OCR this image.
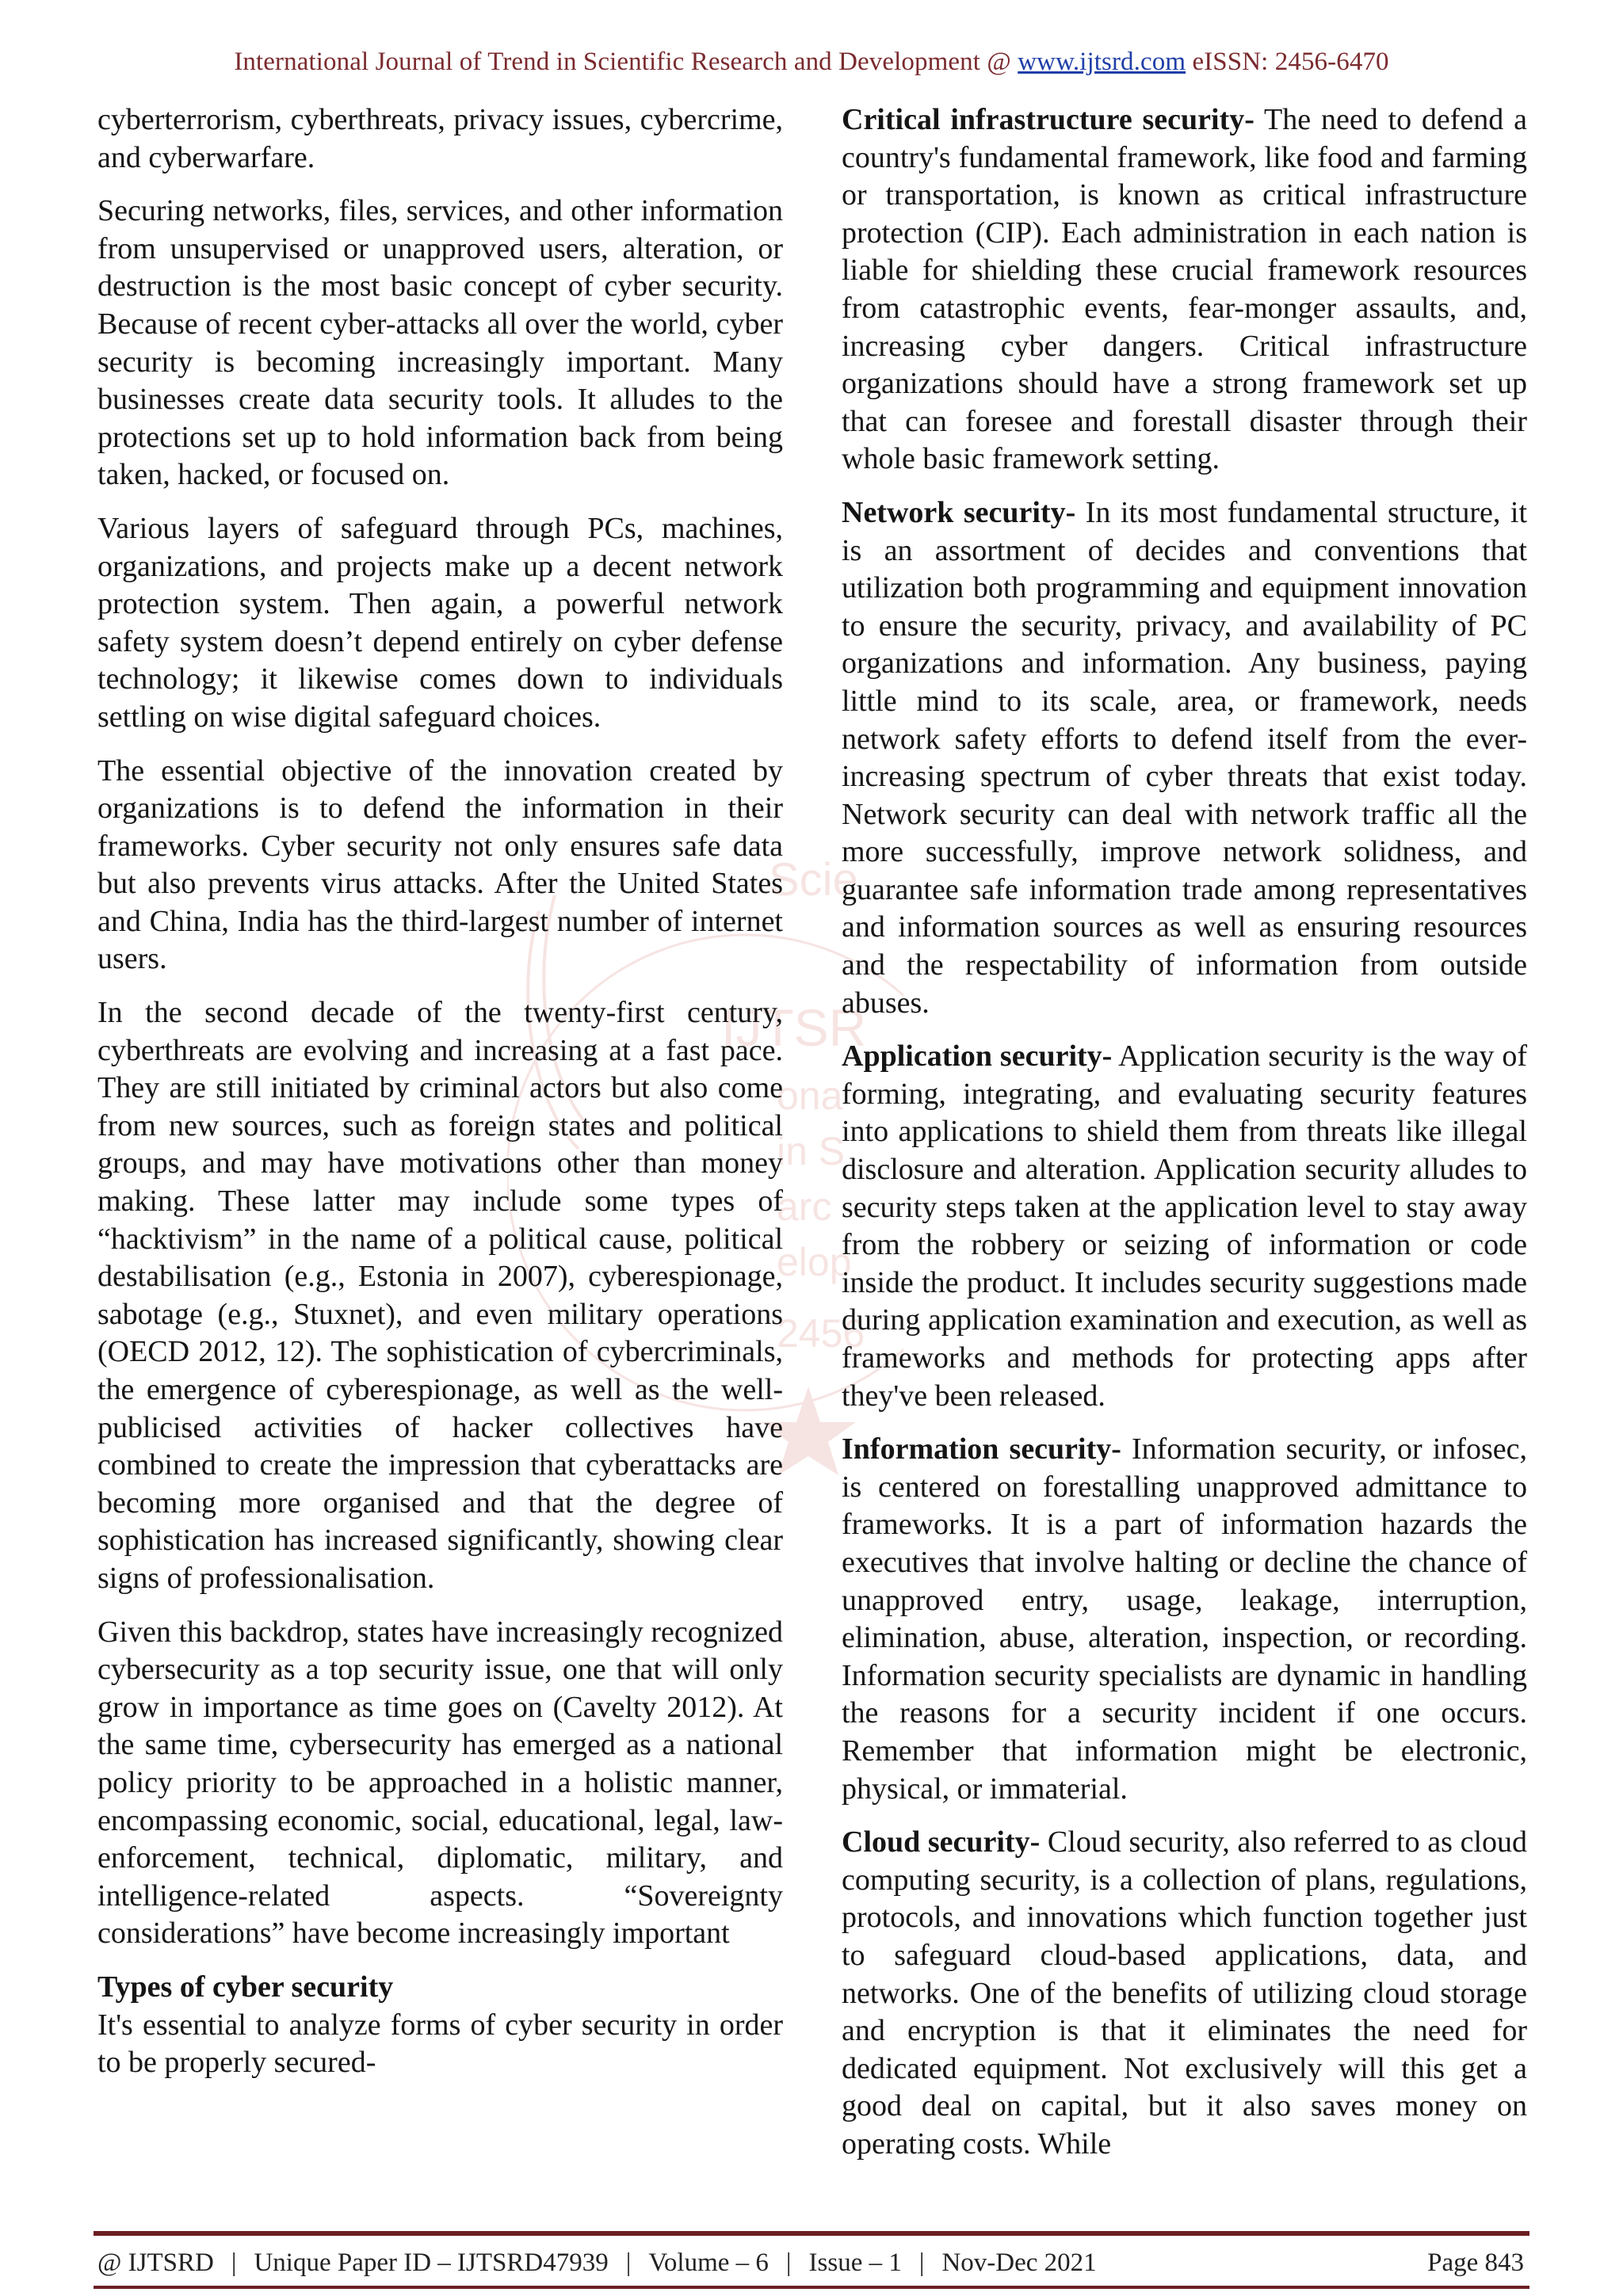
International Journal of Trend in Scientific Research and Development @ www.ijtsrd.com eISSN: 2456-6470
Scie
IJTSR
ona
in S
arc
elop
2456

cyberterrorism, cyberthreats, privacy issues, cybercrime, and cyberwarfare.

Securing networks, files, services, and other information from unsupervised or unapproved users, alteration, or destruction is the most basic concept of cyber security. Because of recent cyber-attacks all over the world, cyber security is becoming increasingly important. Many businesses create data security tools. It alludes to the protections set up to hold information back from being taken, hacked, or focused on.

Various layers of safeguard through PCs, machines, organizations, and projects make up a decent network protection system. Then again, a powerful network safety system doesn’t depend entirely on cyber defense technology; it likewise comes down to individuals settling on wise digital safeguard choices.

The essential objective of the innovation created by organizations is to defend the information in their frameworks. Cyber security not only ensures safe data but also prevents virus attacks. After the United States and China, India has the third-largest number of internet users.

In the second decade of the twenty-first century, cyberthreats are evolving and increasing at a fast pace. They are still initiated by criminal actors but also come from new sources, such as foreign states and political groups, and may have motivations other than money making. These latter may include some types of “hacktivism” in the name of a political cause, political destabilisation (e.g., Estonia in 2007), cyberespionage, sabotage (e.g., Stuxnet), and even military operations (OECD 2012, 12). The sophistication of cybercriminals, the emergence of cyberespionage, as well as the well-publicised activities of hacker collectives have combined to create the impression that cyberattacks are becoming more organised and that the degree of sophistication has increased significantly, showing clear signs of professionalisation.

Given this backdrop, states have increasingly recognized cybersecurity as a top security issue, one that will only grow in importance as time goes on (Cavelty 2012). At the same time, cybersecurity has emerged as a national policy priority to be approached in a holistic manner, encompassing economic, social, educational, legal, law-enforcement, technical, diplomatic, military, and intelligence-related aspects. “Sovereignty considerations” have become increasingly important

Types of cyber security

It's essential to analyze forms of cyber security in order to be properly secured-

Critical infrastructure security- The need to defend a country's fundamental framework, like food and farming or transportation, is known as critical infrastructure protection (CIP). Each administration in each nation is liable for shielding these crucial framework resources from catastrophic events, fear-monger assaults, and, increasing cyber dangers. Critical infrastructure organizations should have a strong framework set up that can foresee and forestall disaster through their whole basic framework setting.

Network security- In its most fundamental structure, it is an assortment of decides and conventions that utilization both programming and equipment innovation to ensure the security, privacy, and availability of PC organizations and information. Any business, paying little mind to its scale, area, or framework, needs network safety efforts to defend itself from the ever-increasing spectrum of cyber threats that exist today. Network security can deal with network traffic all the more successfully, improve network solidness, and guarantee safe information trade among representatives and information sources as well as ensuring resources and the respectability of information from outside abuses.

Application security- Application security is the way of forming, integrating, and evaluating security features into applications to shield them from threats like illegal disclosure and alteration. Application security alludes to security steps taken at the application level to stay away from the robbery or seizing of information or code inside the product. It includes security suggestions made during application examination and execution, as well as frameworks and methods for protecting apps after they've been released.

Information security- Information security, or infosec, is centered on forestalling unapproved admittance to frameworks. It is a part of information hazards the executives that involve halting or decline the chance of unapproved entry, usage, leakage, interruption, elimination, abuse, alteration, inspection, or recording. Information security specialists are dynamic in handling the reasons for a security incident if one occurs. Remember that information might be electronic, physical, or immaterial.

Cloud security- Cloud security, also referred to as cloud computing security, is a collection of plans, regulations, protocols, and innovations which function together just to safeguard cloud-based applications, data, and networks. One of the benefits of utilizing cloud storage and encryption is that it eliminates the need for dedicated equipment. Not exclusively will this get a good deal on capital, but it also saves money on operating costs. While

@ IJTSRD | Unique Paper ID – IJTSRD47939 | Volume – 6 | Issue – 1 | Nov-Dec 2021	Page 843
